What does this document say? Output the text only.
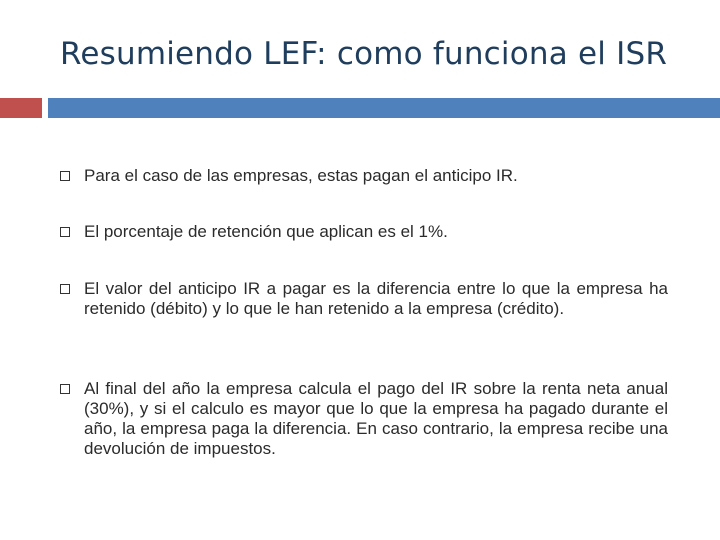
Resumiendo LEF: como funciona el ISR
Para el caso de las empresas, estas pagan el anticipo IR.
El porcentaje de retención que aplican es el 1%.
El valor del anticipo IR a pagar es la diferencia entre lo que la empresa ha retenido (débito) y lo que le han retenido a la empresa (crédito).
Al final del año la empresa calcula el pago del IR sobre la renta neta anual (30%), y si el calculo es mayor que lo que la empresa ha pagado durante el año, la empresa paga la diferencia. En caso contrario, la empresa recibe una devolución de impuestos.
